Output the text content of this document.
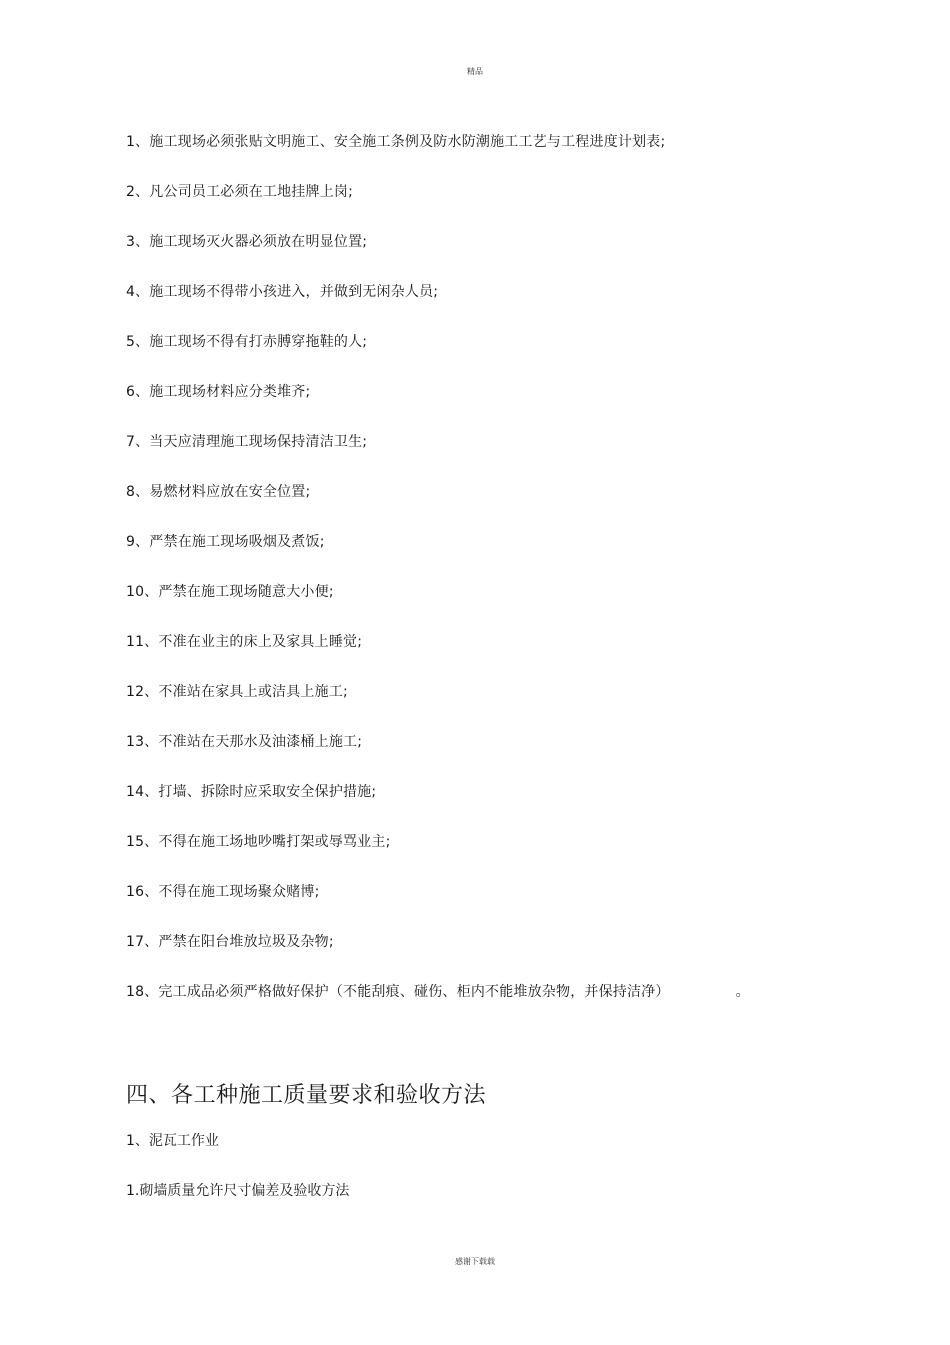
精品
1、施工现场必须张贴文明施工、安全施工条例及防水防潮施工工艺与工程进度计划表;
2、凡公司员工必须在工地挂牌上岗;
3、施工现场灭火器必须放在明显位置;
4、施工现场不得带小孩进入，并做到无闲杂人员;
5、施工现场不得有打赤膊穿拖鞋的人;
6、施工现场材料应分类堆齐;
7、当天应清理施工现场保持清洁卫生;
8、易燃材料应放在安全位置;
9、严禁在施工现场吸烟及煮饭;
10、严禁在施工现场随意大小便;
11、不准在业主的床上及家具上睡觉;
12、不准站在家具上或洁具上施工;
13、不准站在天那水及油漆桶上施工;
14、打墙、拆除时应采取安全保护措施;
15、不得在施工场地吵嘴打架或辱骂业主;
16、不得在施工现场聚众赌博;
17、严禁在阳台堆放垃圾及杂物;
18、完工成品必须严格做好保护（不能刮痕、碰伤、柜内不能堆放杂物，并保持洁净）	。
四、各工种施工质量要求和验收方法
1、泥瓦工作业
1.砌墙质量允许尺寸偏差及验收方法
感谢下载载
